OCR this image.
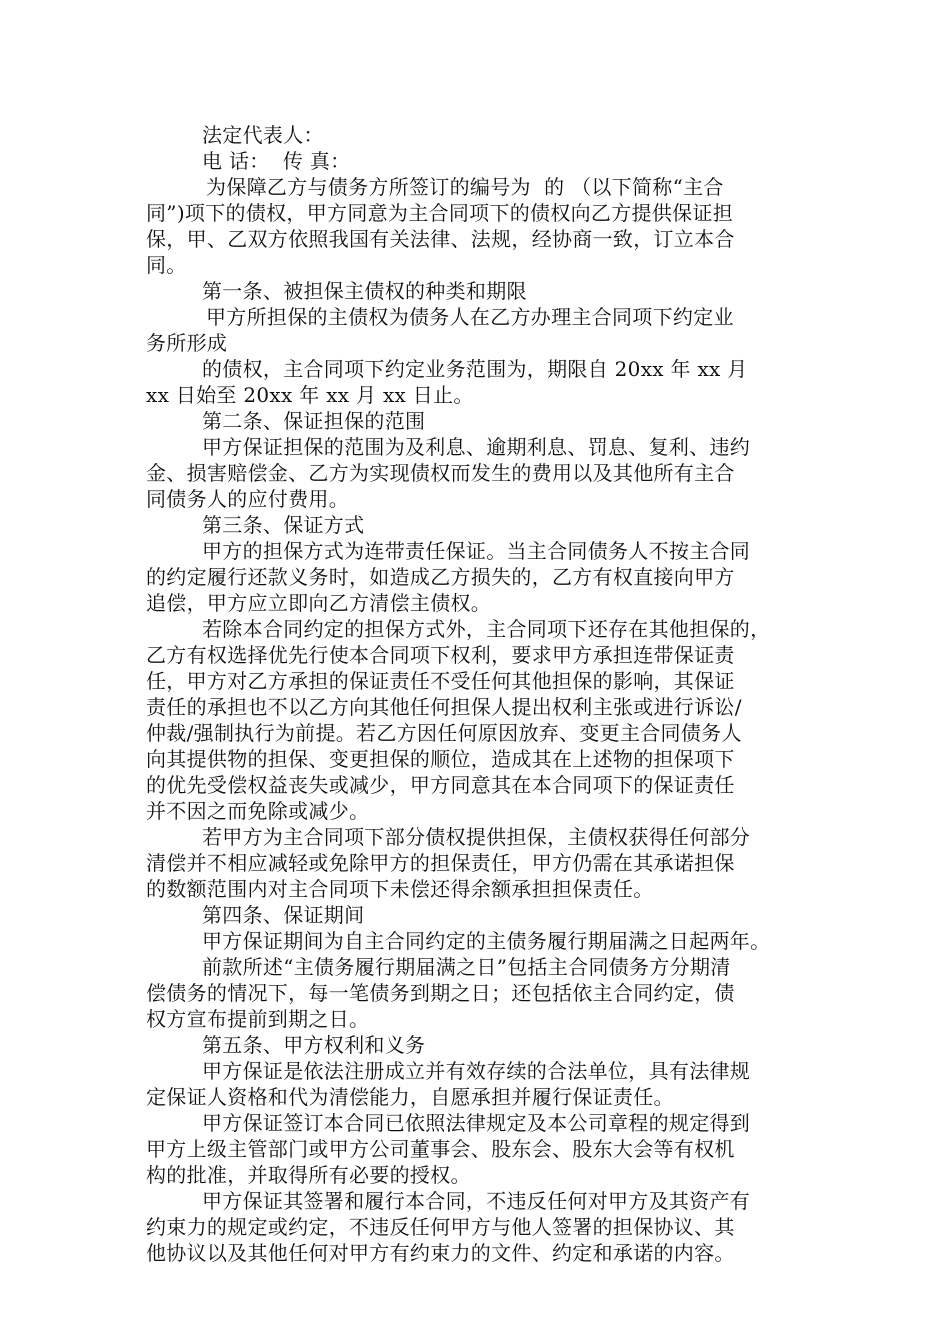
法定代表人：
电 话：  传 真：
为保障乙方与债务方所签订的编号为  的 （以下简称“主合
同”)项下的债权，甲方同意为主合同项下的债权向乙方提供保证担
保，甲、乙双方依照我国有关法律、法规，经协商一致，订立本合
同。
第一条、被担保主债权的种类和期限
甲方所担保的主债权为债务人在乙方办理主合同项下约定业
务所形成
的债权，主合同项下约定业务范围为，期限自 20xx 年 xx 月
xx 日始至 20xx 年 xx 月 xx 日止。
第二条、保证担保的范围
甲方保证担保的范围为及利息、逾期利息、罚息、复利、违约
金、损害赔偿金、乙方为实现债权而发生的费用以及其他所有主合
同债务人的应付费用。
第三条、保证方式
甲方的担保方式为连带责任保证。当主合同债务人不按主合同
的约定履行还款义务时，如造成乙方损失的，乙方有权直接向甲方
追偿，甲方应立即向乙方清偿主债权。
若除本合同约定的担保方式外，主合同项下还存在其他担保的，
乙方有权选择优先行使本合同项下权利，要求甲方承担连带保证责
任，甲方对乙方承担的保证责任不受任何其他担保的影响，其保证
责任的承担也不以乙方向其他任何担保人提出权利主张或进行诉讼/
仲裁/强制执行为前提。若乙方因任何原因放弃、变更主合同债务人
向其提供物的担保、变更担保的顺位，造成其在上述物的担保项下
的优先受偿权益丧失或减少，甲方同意其在本合同项下的保证责任
并不因之而免除或减少。
若甲方为主合同项下部分债权提供担保，主债权获得任何部分
清偿并不相应减轻或免除甲方的担保责任，甲方仍需在其承诺担保
的数额范围内对主合同项下未偿还得余额承担担保责任。
第四条、保证期间
甲方保证期间为自主合同约定的主债务履行期届满之日起两年。
前款所述“主债务履行期届满之日”包括主合同债务方分期清
偿债务的情况下，每一笔债务到期之日；还包括依主合同约定，债
权方宣布提前到期之日。
第五条、甲方权利和义务
甲方保证是依法注册成立并有效存续的合法单位，具有法律规
定保证人资格和代为清偿能力，自愿承担并履行保证责任。
甲方保证签订本合同已依照法律规定及本公司章程的规定得到
甲方上级主管部门或甲方公司董事会、股东会、股东大会等有权机
构的批准，并取得所有必要的授权。
甲方保证其签署和履行本合同，不违反任何对甲方及其资产有
约束力的规定或约定，不违反任何甲方与他人签署的担保协议、其
他协议以及其他任何对甲方有约束力的文件、约定和承诺的内容。
